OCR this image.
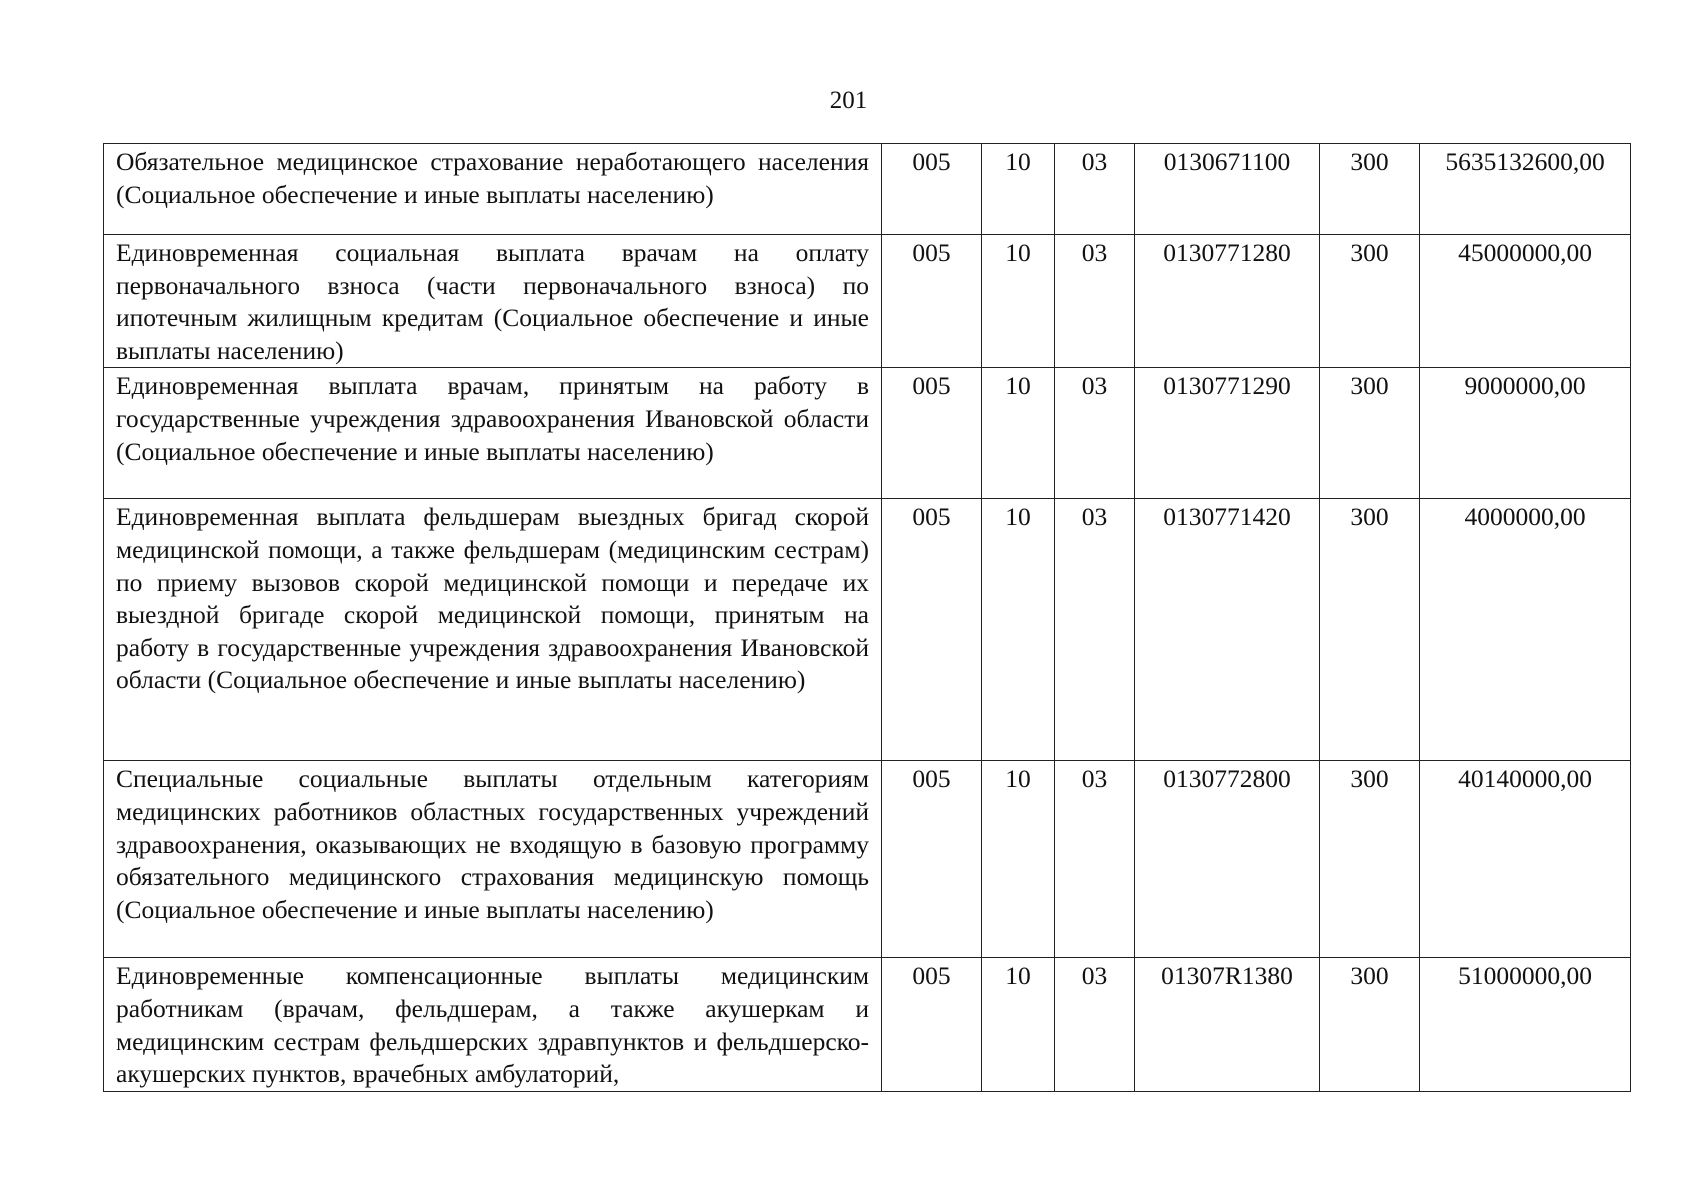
201
Обязательное медицинское страхование неработающего населения (Социальное обеспечение и иные выплаты населению)	005	10	03	0130671100	300	5635132600,00
Единовременная социальная выплата врачам на оплату первоначального взноса (части первоначального взноса) по ипотечным жилищным кредитам (Социальное обеспечение и иные выплаты населению)	005	10	03	0130771280	300	45000000,00
Единовременная выплата врачам, принятым на работу в государственные учреждения здравоохранения Ивановской области (Социальное обеспечение и иные выплаты населению)	005	10	03	0130771290	300	9000000,00
Единовременная выплата фельдшерам выездных бригад скорой медицинской помощи, а также фельдшерам (медицинским сестрам) по приему вызовов скорой медицинской помощи и передаче их выездной бригаде скорой медицинской помощи, принятым на работу в государственные учреждения здравоохранения Ивановской области (Социальное обеспечение и иные выплаты населению)	005	10	03	0130771420	300	4000000,00
Специальные социальные выплаты отдельным категориям медицинских работников областных государственных учреждений здравоохранения, оказывающих не входящую в базовую программу обязательного медицинского страхования медицинскую помощь (Социальное обеспечение и иные выплаты населению)	005	10	03	0130772800	300	40140000,00
Единовременные компенсационные выплаты медицинским работникам (врачам, фельдшерам, а также акушеркам и медицинским сестрам фельдшерских здравпунктов и фельдшерско-акушерских пунктов, врачебных амбулаторий,	005	10	03	01307R1380	300	51000000,00
